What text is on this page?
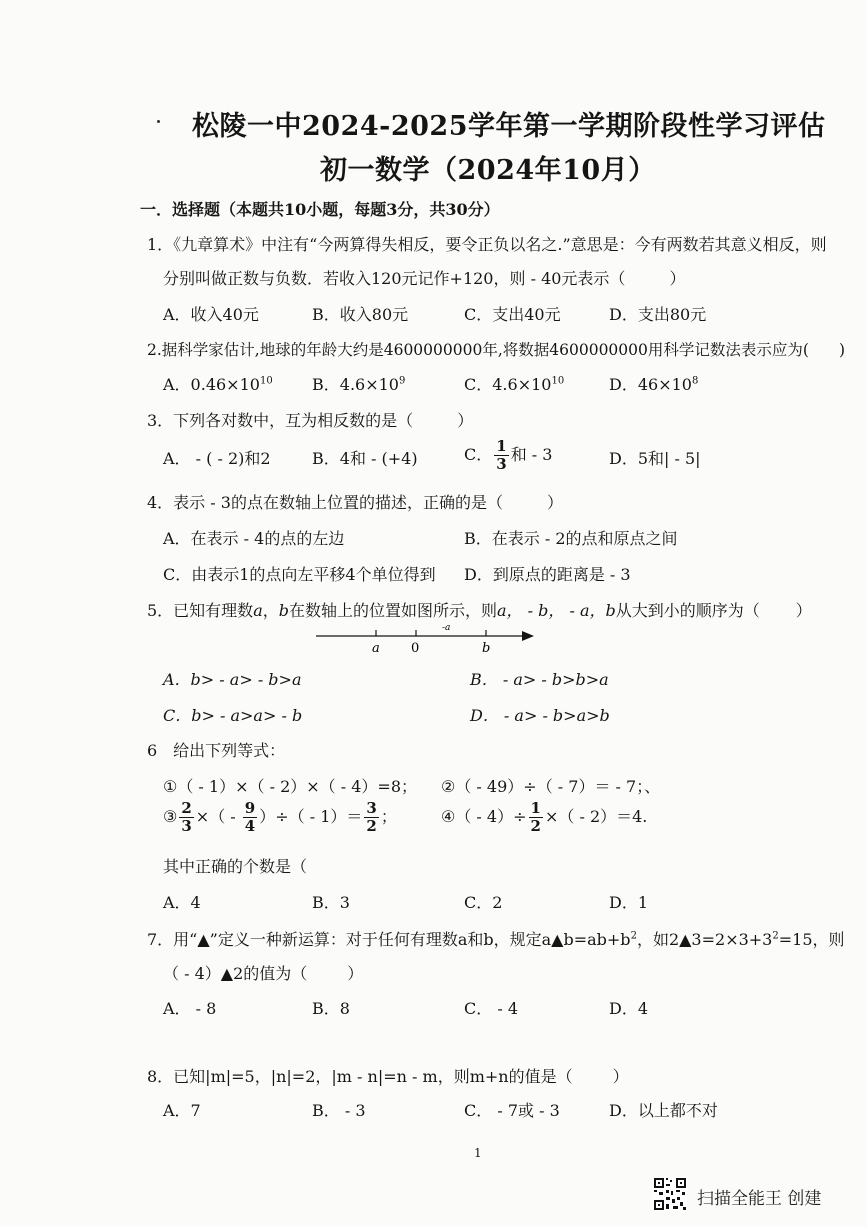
松陵一中2024-2025学年第一学期阶段性学习评估
初一数学（2024年10月）
一．选择题（本题共10小题，每题3分，共30分）
1．《九章算术》中注有“今两算得失相反，要令正负以名之.”意思是：今有两数若其意义相反，则
分别叫做正数与负数．若收入120元记作+120，则 - 40元表示（	）
A．收入40元	B．收入80元	C．支出40元	D．支出80元
2.据科学家估计,地球的年龄大约是4600000000年,将数据4600000000用科学记数法表示应为( )
A．$0.46\times 10^{10}$ B．$4.6\times 10^9$	C．$4.6\times 10^{10}$	D．$46\times 10^8$
3．下列各对数中，互为相反数的是（	）
A． - ( - 2)和2	B．4和 - (+4)	C． $\frac{1}{3}$ 和 - 3	D．5和| - 5|
4．表示 - 3的点在数轴上位置的描述，正确的是（	）
A．在表示 - 4的点的左边	B．在表示 - 2的点和原点之间
C．由表示1的点向左平移4个单位得到 D．到原点的距离是 - 3
5．已知有理数a，b在数轴上的位置如图所示，则a， - b， - a，b从大到小的顺序为（ ）
a 0	b
-a
A．b> - a> - b>a	B． - a> - b>b>a
C．b> - a>a> - b	D． - a> - b>a>b
6　给出下列等式：
①（ - 1）×（ - 2）×（ - 4）=8； ②（ - 49）÷（ - 7）＝ - 7；、
③ $\frac{2}{3}$ ×（ - $\frac{9}{4}$ ）÷（ - $1)= \frac{3}{2}$ ；	④（ - $4)\div \frac{1}{2}$ ×（ - 2）＝4.
其中正确的个数是（
A．4	B．3	C．2	D．1
7．用“▲”定义一种新运算：对于任何有理数a和b，规定$a▲b=ab+b^2$，如$2▲3=2\times 3+3^2=15$，则
（ - 4）▲2的值为（	）
A． - 8	B．8	C． - 4	D．4
8．已知|m|=5，|n|=2，|m - n|=n - m，则m+n的值是（	）
A．7	B． - 3	C． - 7或 - 3	D．以上都不对
1
扫描全能王 创建
